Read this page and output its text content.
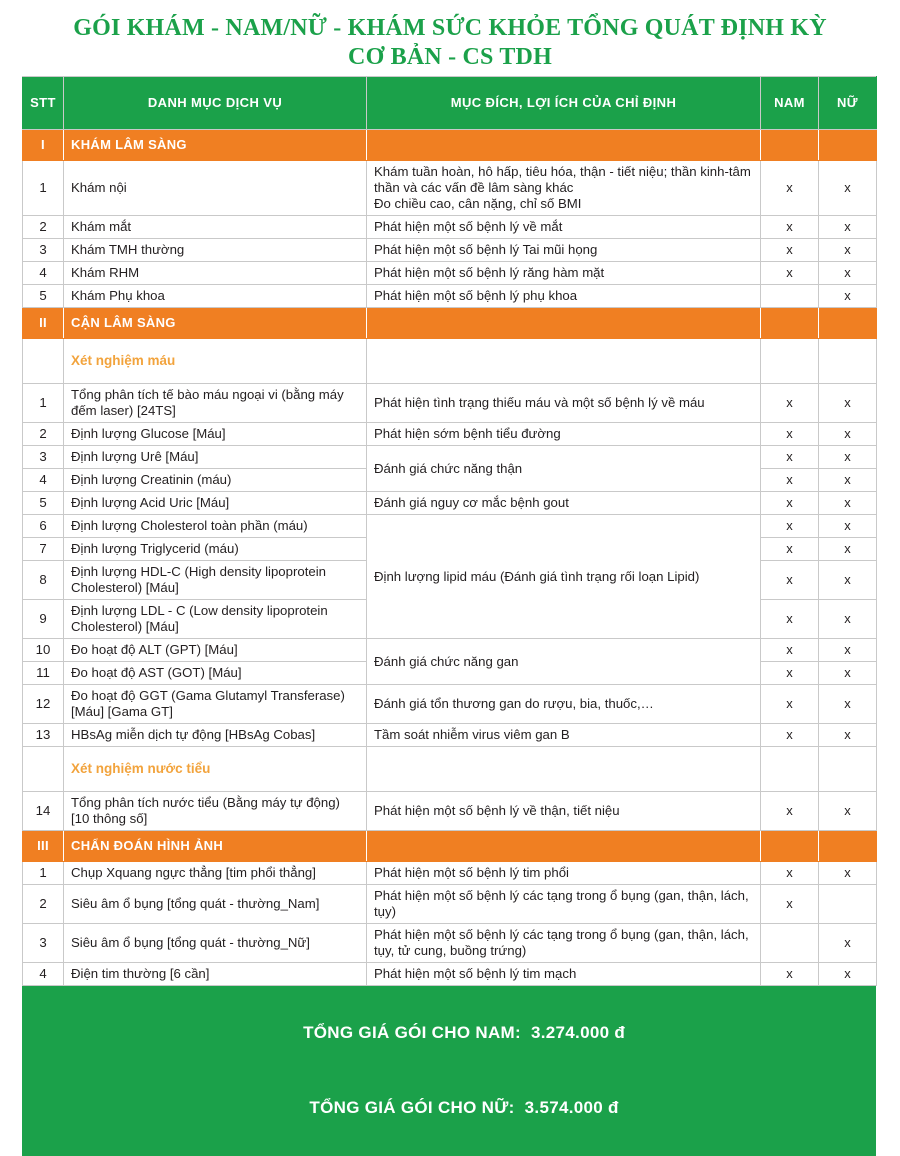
GÓI KHÁM - NAM/NỮ - KHÁM SỨC KHỎE TỔNG QUÁT ĐỊNH KỲ
CƠ BẢN - CS TDH
STT	DANH MỤC DỊCH VỤ	MỤC ĐÍCH, LỢI ÍCH CỦA CHỈ ĐỊNH	NAM	NỮ
I	KHÁM LÂM SÀNG			
1	Khám nội	Khám tuần hoàn, hô hấp, tiêu hóa, thận - tiết niệu; thần kinh-tâm thần và các vấn đề lâm sàng khác
Đo chiều cao, cân nặng, chỉ số BMI	x	x
2	Khám mắt	Phát hiện một số bệnh lý về mắt	x	x
3	Khám TMH thường	Phát hiện một số bệnh lý Tai mũi họng	x	x
4	Khám RHM	Phát hiện một số bệnh lý răng hàm mặt	x	x
5	Khám Phụ khoa	Phát hiện một số bệnh lý phụ khoa		x
II	CẬN LÂM SÀNG			
	Xét nghiệm máu			
1	Tổng phân tích tế bào máu ngoại vi (bằng máy đếm laser) [24TS]	Phát hiện tình trạng thiếu máu và một số bệnh lý về máu	x	x
2	Định lượng Glucose [Máu]	Phát hiện sớm bệnh tiểu đường	x	x
3	Định lượng Urê [Máu]	Đánh giá chức năng thận	x	x
4	Định lượng Creatinin (máu)		x	x
5	Định lượng Acid Uric [Máu]	Đánh giá nguy cơ mắc bệnh gout	x	x
6	Định lượng Cholesterol toàn phần (máu)	Định lượng lipid máu (Đánh giá tình trạng rối loạn Lipid)	x	x
7	Định lượng Triglycerid (máu)		x	x
8	Định lượng HDL-C (High density lipoprotein Cholesterol) [Máu]		x	x
9	Định lượng LDL - C (Low density lipoprotein Cholesterol) [Máu]		x	x
10	Đo hoạt độ ALT (GPT) [Máu]	Đánh giá chức năng gan	x	x
11	Đo hoạt độ AST (GOT) [Máu]		x	x
12	Đo hoạt độ GGT (Gama Glutamyl Transferase) [Máu] [Gama GT]	Đánh giá tổn thương gan do rượu, bia, thuốc,…	x	x
13	HBsAg miễn dịch tự động [HBsAg Cobas]	Tầm soát nhiễm virus viêm gan B	x	x
	Xét nghiệm nước tiểu			
14	Tổng phân tích nước tiểu (Bằng máy tự động) [10 thông số]	Phát hiện một số bệnh lý về thận, tiết niệu	x	x
III	CHẨN ĐOÁN HÌNH ẢNH			
1	Chụp Xquang ngực thẳng [tim phổi thẳng]	Phát hiện một số bệnh lý tim phổi	x	x
2	Siêu âm ổ bụng [tổng quát - thường_Nam]	Phát hiện một số bệnh lý các tạng trong ổ bụng (gan, thận, lách, tụy)	x	
3	Siêu âm ổ bụng [tổng quát - thường_Nữ]	Phát hiện một số bệnh lý các tạng trong ổ bụng (gan, thận, lách, tụy, tử cung, buồng trứng)		x
4	Điện tim thường [6 cần]	Phát hiện một số bệnh lý tim mạch	x	x

TỔNG GIÁ GÓI CHO NAM: 3.274.000 đ

TỔNG GIÁ GÓI CHO NỮ: 3.574.000 đ
